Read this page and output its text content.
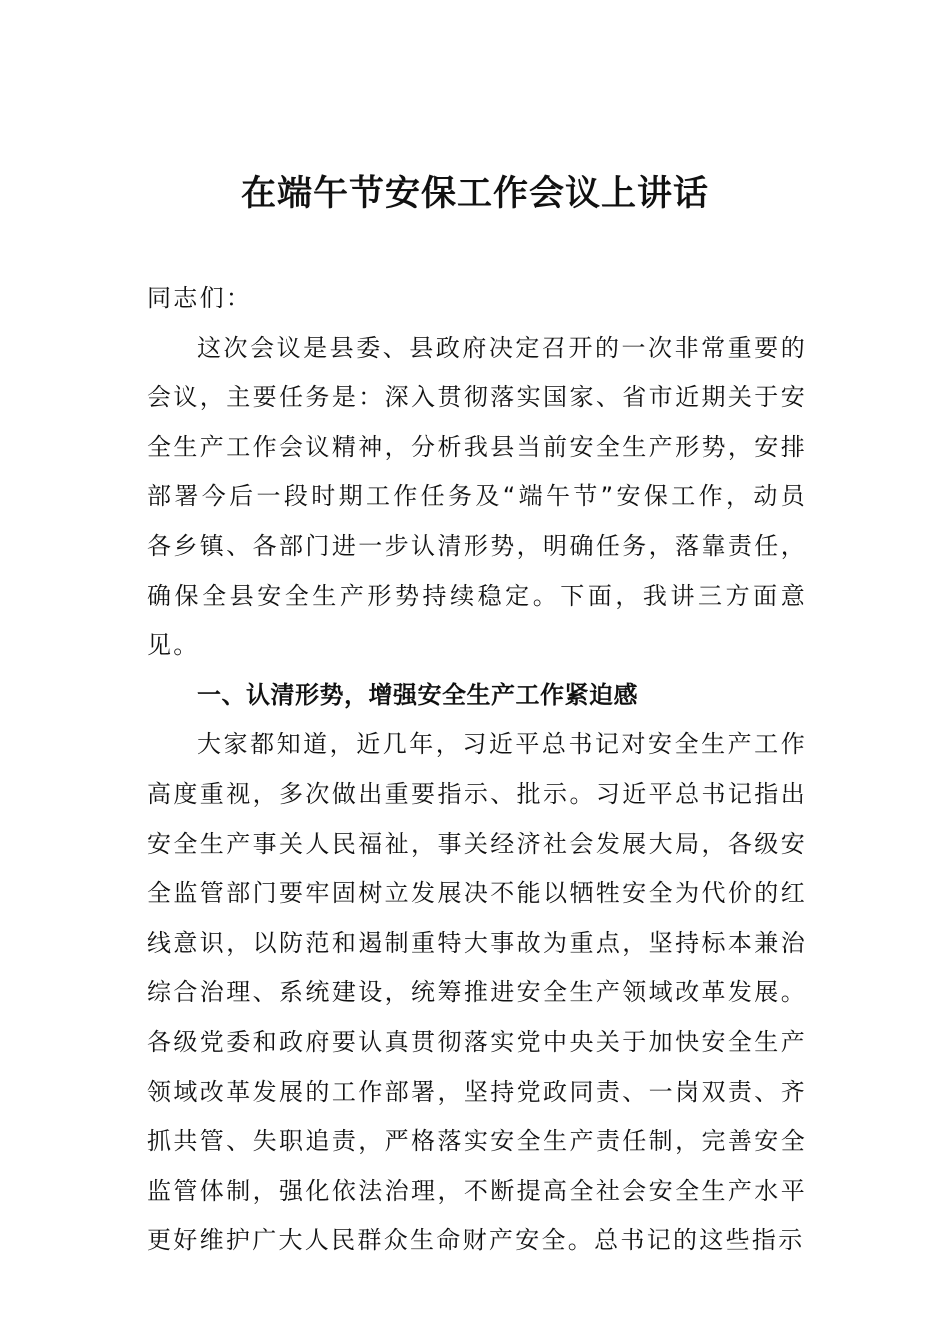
在端午节安保工作会议上讲话

同志们：

这次会议是县委、县政府决定召开的一次非常重要的会议，主要任务是：深入贯彻落实国家、省市近期关于安全生产工作会议精神，分析我县当前安全生产形势，安排部署今后一段时期工作任务及“端午节”安保工作，动员各乡镇、各部门进一步认清形势，明确任务，落靠责任，确保全县安全生产形势持续稳定。下面，我讲三方面意见。

一、认清形势，增强安全生产工作紧迫感

大家都知道，近几年，习近平总书记对安全生产工作高度重视，多次做出重要指示、批示。习近平总书记指出安全生产事关人民福祉，事关经济社会发展大局，各级安全监管部门要牢固树立发展决不能以牺牲安全为代价的红线意识，以防范和遏制重特大事故为重点，坚持标本兼治综合治理、系统建设，统筹推进安全生产领域改革发展。各级党委和政府要认真贯彻落实党中央关于加快安全生产领域改革发展的工作部署，坚持党政同责、一岗双责、齐抓共管、失职追责，严格落实安全生产责任制，完善安全监管体制，强化依法治理，不断提高全社会安全生产水平更好维护广大人民群众生命财产安全。总书记的这些指示
